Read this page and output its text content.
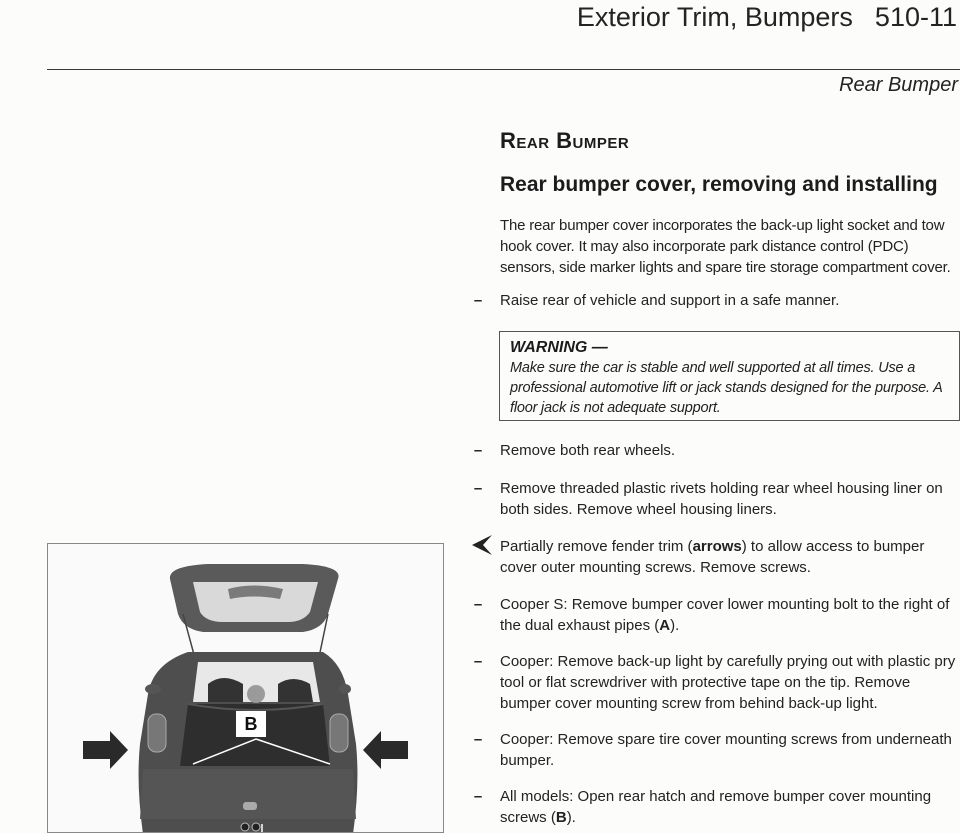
Exterior Trim, Bumpers 510-11
Rear Bumper
Rear Bumper
Rear bumper cover, removing and installing
The rear bumper cover incorporates the back-up light socket and tow hook cover. It may also incorporate park distance control (PDC) sensors, side marker lights and spare tire storage compartment cover.
–	Raise rear of vehicle and support in a safe manner.
WARNING —
Make sure the car is stable and well supported at all times. Use a professional automotive lift or jack stands designed for the purpose. A floor jack is not adequate support.
–	Remove both rear wheels.
–	Remove threaded plastic rivets holding rear wheel housing liner on both sides. Remove wheel housing liners.
Partially remove fender trim (arrows) to allow access to bumper cover outer mounting screws. Remove screws.
–	Cooper S: Remove bumper cover lower mounting bolt to the right of the dual exhaust pipes (A).
–	Cooper: Remove back-up light by carefully prying out with plastic pry tool or flat screwdriver with protective tape on the tip. Remove bumper cover mounting screw from behind back-up light.
–	Cooper: Remove spare tire cover mounting screws from underneath bumper.
–	All models: Open rear hatch and remove bumper cover mounting screws (B).
B
